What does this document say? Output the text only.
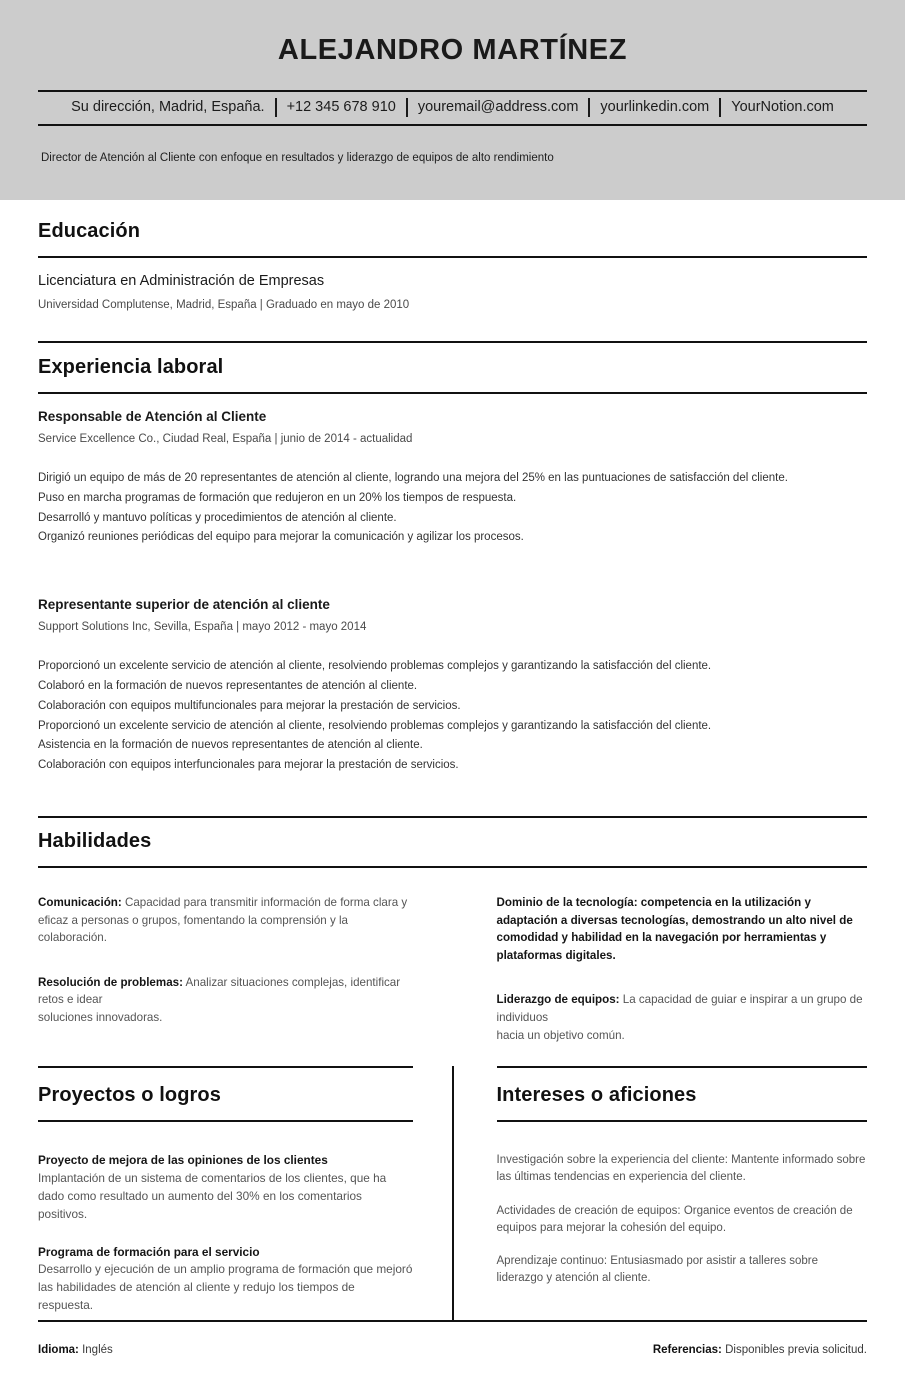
ALEJANDRO MARTÍNEZ
Su dirección, Madrid, España.	+12 345 678 910	youremail@address.com	yourlinkedin.com	YourNotion.com
Director de Atención al Cliente con enfoque en resultados y liderazgo de equipos de alto rendimiento
Educación
Licenciatura en Administración de Empresas
Universidad Complutense, Madrid, España | Graduado en mayo de 2010
Experiencia laboral
Responsable de Atención al Cliente
Service Excellence Co., Ciudad Real, España | junio de 2014 - actualidad
Dirigió un equipo de más de 20 representantes de atención al cliente, logrando una mejora del 25% en las puntuaciones de satisfacción del cliente.
Puso en marcha programas de formación que redujeron en un 20% los tiempos de respuesta.
Desarrolló y mantuvo políticas y procedimientos de atención al cliente.
Organizó reuniones periódicas del equipo para mejorar la comunicación y agilizar los procesos.
Representante superior de atención al cliente
Support Solutions Inc, Sevilla, España | mayo 2012 - mayo 2014
Proporcionó un excelente servicio de atención al cliente, resolviendo problemas complejos y garantizando la satisfacción del cliente.
Colaboró en la formación de nuevos representantes de atención al cliente.
Colaboración con equipos multifuncionales para mejorar la prestación de servicios.
Proporcionó un excelente servicio de atención al cliente, resolviendo problemas complejos y garantizando la satisfacción del cliente.
Asistencia en la formación de nuevos representantes de atención al cliente.
Colaboración con equipos interfuncionales para mejorar la prestación de servicios.
Habilidades
Comunicación: Capacidad para transmitir información de forma clara y eficaz a personas o grupos, fomentando la comprensión y la colaboración.
Resolución de problemas: Analizar situaciones complejas, identificar retos e idear
soluciones innovadoras.
Dominio de la tecnología: competencia en la utilización y adaptación a diversas tecnologías, demostrando un alto nivel de comodidad y habilidad en la navegación por herramientas y plataformas digitales.
Liderazgo de equipos: La capacidad de guiar e inspirar a un grupo de individuos
hacia un objetivo común.
Proyectos o logros
Proyecto de mejora de las opiniones de los clientes
Implantación de un sistema de comentarios de los clientes, que ha dado como resultado un aumento del 30% en los comentarios positivos.
Programa de formación para el servicio
Desarrollo y ejecución de un amplio programa de formación que mejoró las habilidades de atención al cliente y redujo los tiempos de respuesta.
Intereses o aficiones
Investigación sobre la experiencia del cliente: Mantente informado sobre las últimas tendencias en experiencia del cliente.
Actividades de creación de equipos: Organice eventos de creación de equipos para mejorar la cohesión del equipo.
Aprendizaje continuo: Entusiasmado por asistir a talleres sobre liderazgo y atención al cliente.
Idioma: Inglés	Referencias: Disponibles previa solicitud.
